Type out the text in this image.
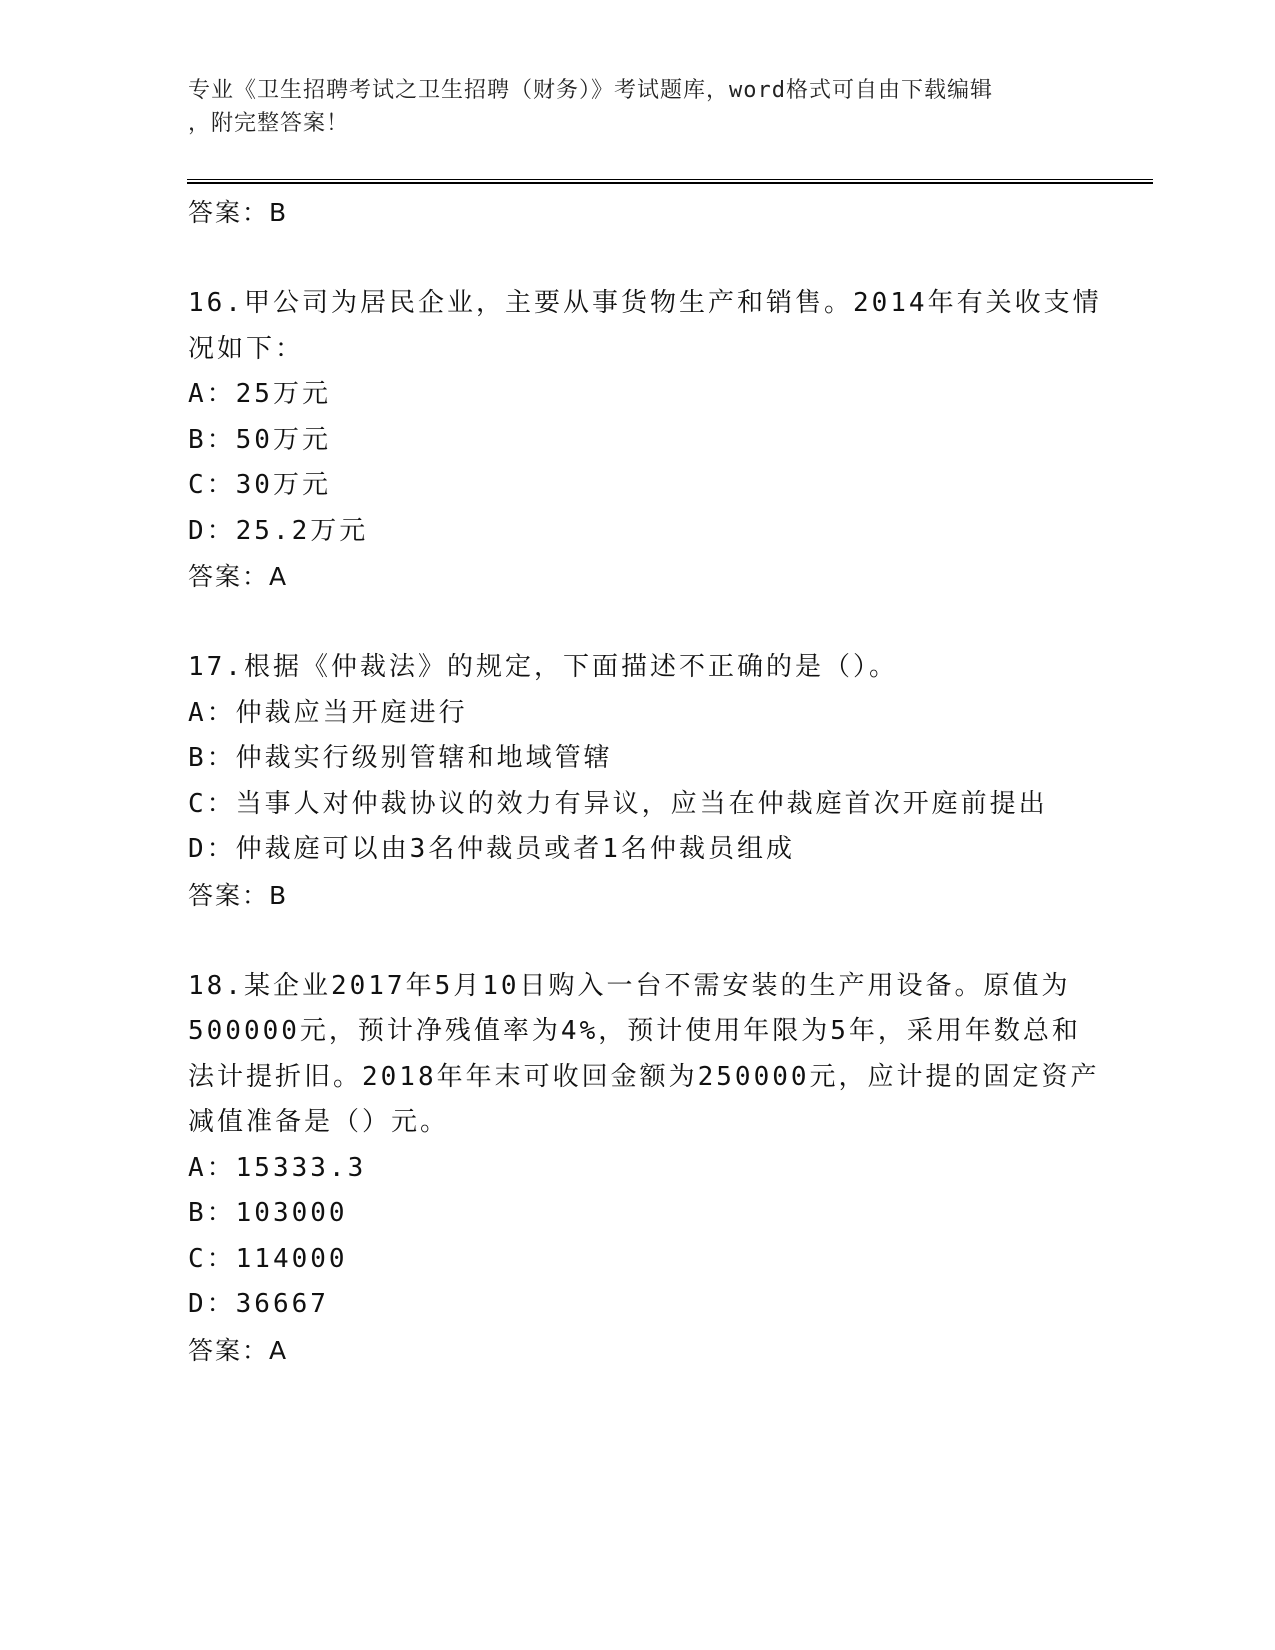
专业《卫生招聘考试之卫生招聘（财务）》考试题库，word格式可自由下载编辑
，附完整答案！
答案：B
16.甲公司为居民企业，主要从事货物生产和销售。2014年有关收支情
况如下：
A：25万元
B：50万元
C：30万元
D：25.2万元
答案：A
17.根据《仲裁法》的规定，下面描述不正确的是（）。
A：仲裁应当开庭进行
B：仲裁实行级别管辖和地域管辖
C：当事人对仲裁协议的效力有异议，应当在仲裁庭首次开庭前提出
D：仲裁庭可以由3名仲裁员或者1名仲裁员组成
答案：B
18.某企业2017年5月10日购入一台不需安装的生产用设备。原值为
500000元，预计净残值率为4%，预计使用年限为5年，采用年数总和
法计提折旧。2018年年末可收回金额为250000元，应计提的固定资产
减值准备是（）元。
A：15333.3
B：103000
C：114000
D：36667
答案：A
